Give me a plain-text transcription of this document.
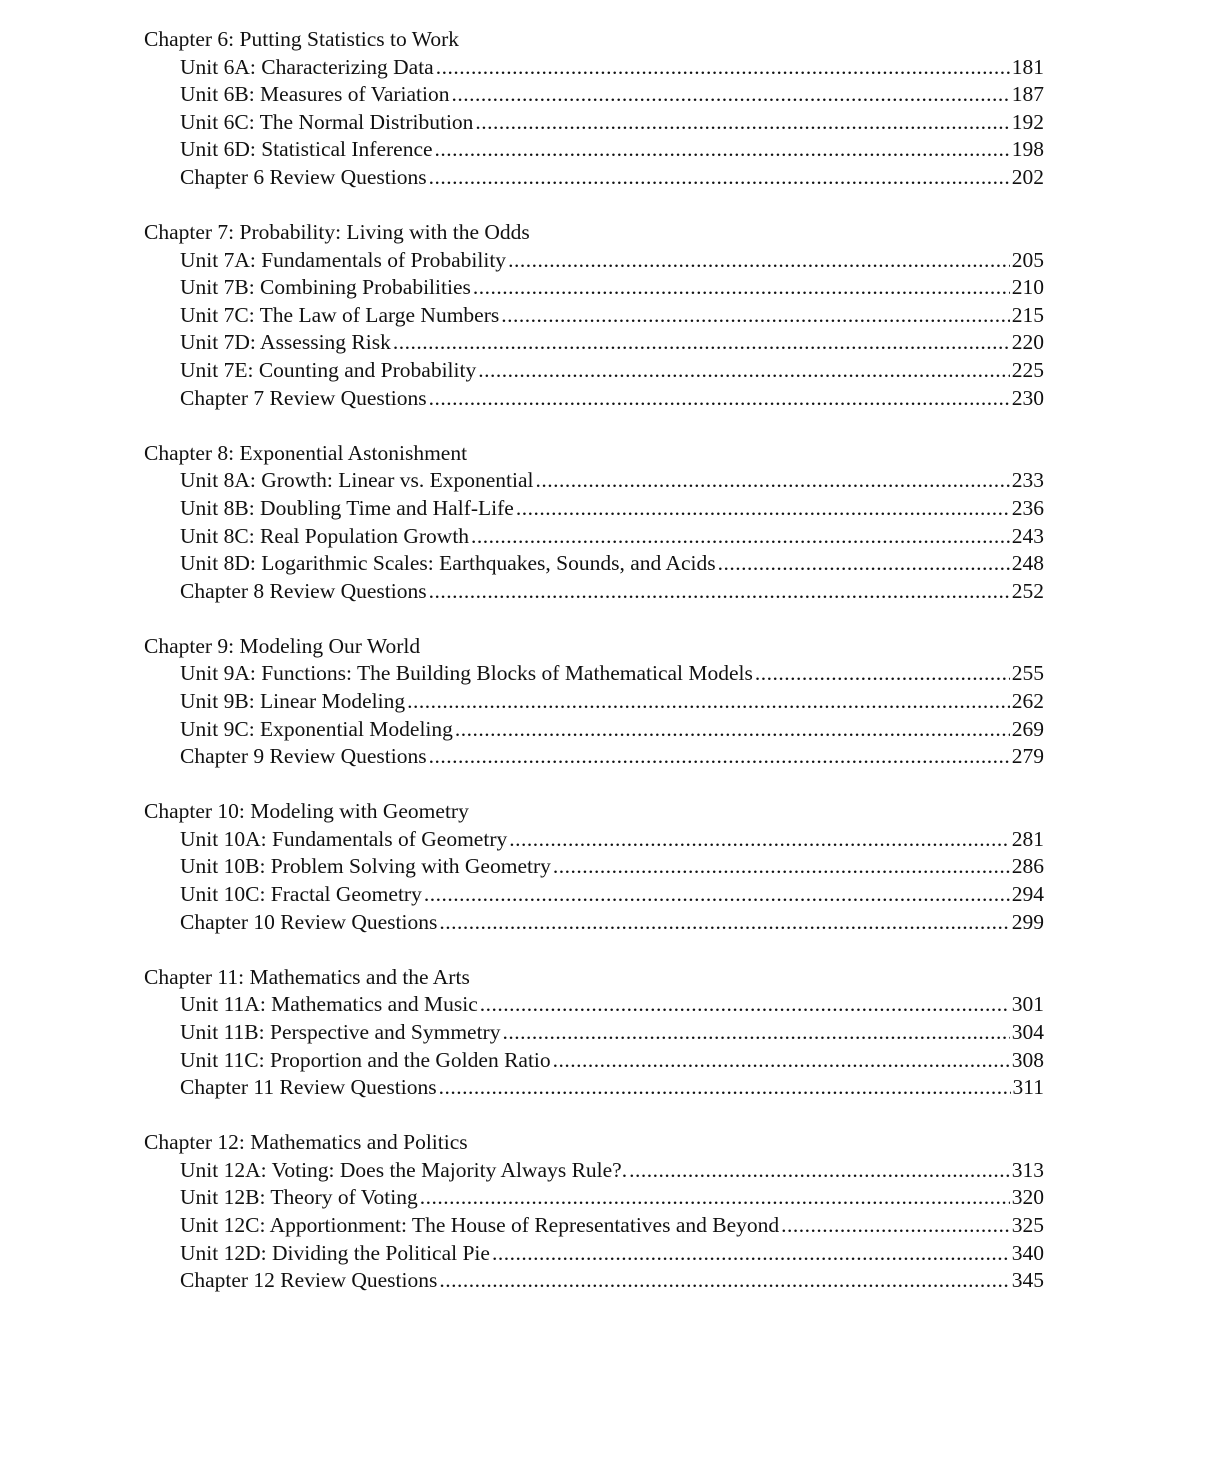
Chapter 6: Putting Statistics to Work
Unit 6A: Characterizing Data .....	181
Unit 6B: Measures of Variation .....	187
Unit 6C: The Normal Distribution .....	192
Unit 6D: Statistical Inference .....	198
Chapter 6 Review Questions .....	202
Chapter 7: Probability: Living with the Odds
Unit 7A: Fundamentals of Probability .....	205
Unit 7B: Combining Probabilities .....	210
Unit 7C: The Law of Large Numbers .....	215
Unit 7D: Assessing Risk .....	220
Unit 7E: Counting and Probability .....	225
Chapter 7 Review Questions .....	230
Chapter 8: Exponential Astonishment
Unit 8A: Growth: Linear vs. Exponential .....	233
Unit 8B: Doubling Time and Half-Life .....	236
Unit 8C: Real Population Growth .....	243
Unit 8D: Logarithmic Scales: Earthquakes, Sounds, and Acids .....	248
Chapter 8 Review Questions .....	252
Chapter 9: Modeling Our World
Unit 9A: Functions: The Building Blocks of Mathematical Models .....	255
Unit 9B: Linear Modeling .....	262
Unit 9C: Exponential Modeling .....	269
Chapter 9 Review Questions .....	279
Chapter 10: Modeling with Geometry
Unit 10A: Fundamentals of Geometry .....	281
Unit 10B: Problem Solving with Geometry .....	286
Unit 10C: Fractal Geometry .....	294
Chapter 10 Review Questions .....	299
Chapter 11: Mathematics and the Arts
Unit 11A: Mathematics and Music .....	301
Unit 11B: Perspective and Symmetry .....	304
Unit 11C: Proportion and the Golden Ratio .....	308
Chapter 11 Review Questions .....	311
Chapter 12: Mathematics and Politics
Unit 12A: Voting: Does the Majority Always Rule?. .....	313
Unit 12B: Theory of Voting .....	320
Unit 12C: Apportionment: The House of Representatives and Beyond .....	325
Unit 12D: Dividing the Political Pie .....	340
Chapter 12 Review Questions .....	345
